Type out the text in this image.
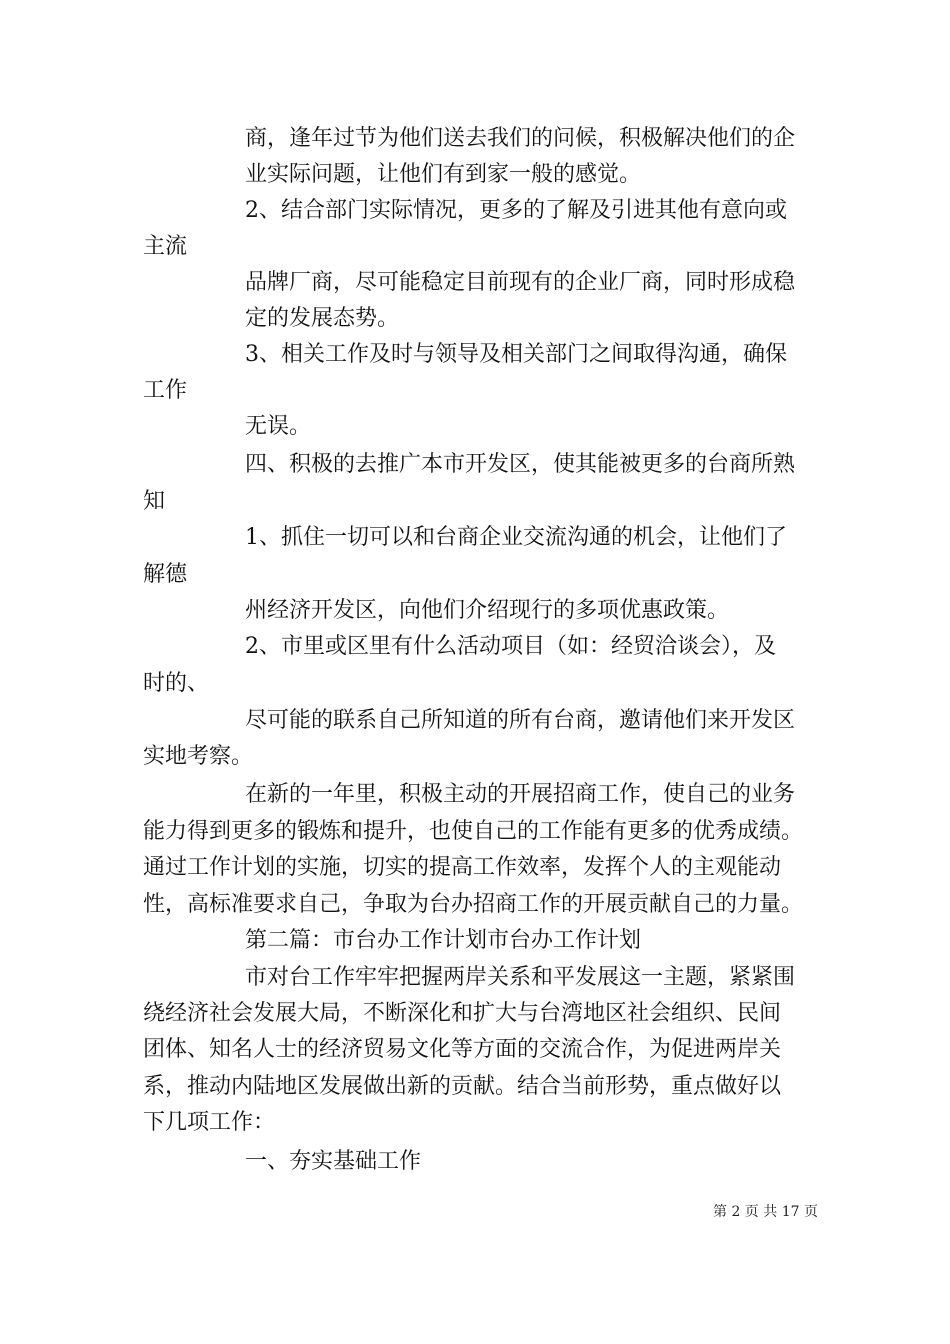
商，逢年过节为他们送去我们的问候，积极解决他们的企
业实际问题，让他们有到家一般的感觉。
2、结合部门实际情况，更多的了解及引进其他有意向或
主流
品牌厂商，尽可能稳定目前现有的企业厂商，同时形成稳
定的发展态势。
3、相关工作及时与领导及相关部门之间取得沟通，确保
工作
无误。
四、积极的去推广本市开发区，使其能被更多的台商所熟
知
1、抓住一切可以和台商企业交流沟通的机会，让他们了
解德
州经济开发区，向他们介绍现行的多项优惠政策。
2、市里或区里有什么活动项目（如：经贸洽谈会），及
时的、
尽可能的联系自己所知道的所有台商，邀请他们来开发区
实地考察。
在新的一年里，积极主动的开展招商工作，使自己的业务
能力得到更多的锻炼和提升，也使自己的工作能有更多的优秀成绩。
通过工作计划的实施，切实的提高工作效率，发挥个人的主观能动
性，高标准要求自己，争取为台办招商工作的开展贡献自己的力量。
第二篇：市台办工作计划市台办工作计划
市对台工作牢牢把握两岸关系和平发展这一主题，紧紧围
绕经济社会发展大局，不断深化和扩大与台湾地区社会组织、民间
团体、知名人士的经济贸易文化等方面的交流合作，为促进两岸关
系，推动内陆地区发展做出新的贡献。结合当前形势，重点做好以
下几项工作：
一、夯实基础工作
第 2 页 共 17 页
